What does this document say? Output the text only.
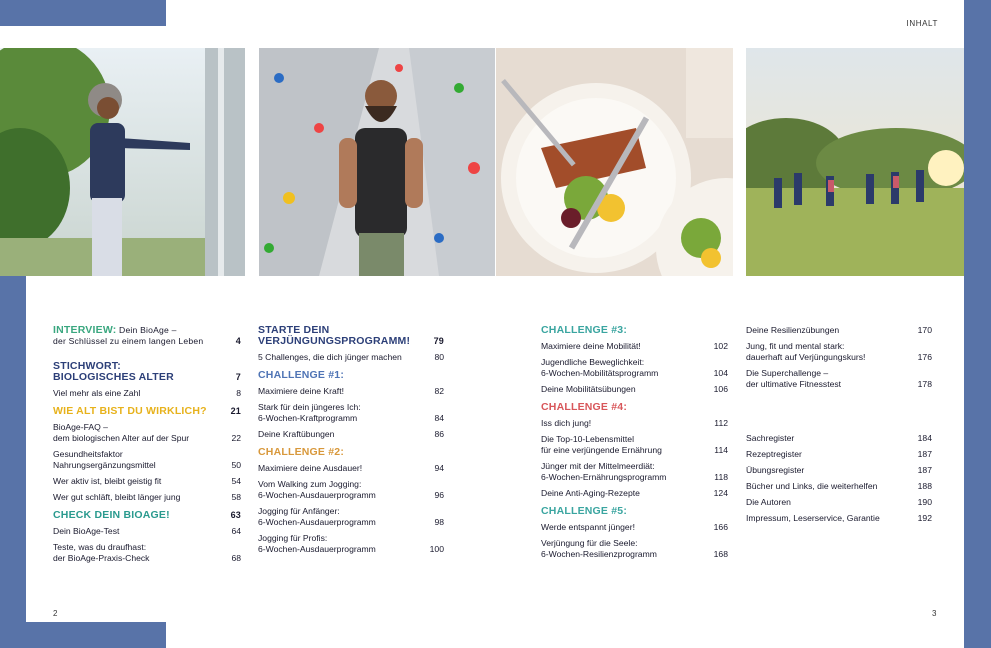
INHALT
INTERVIEW: Dein BioAge –
der Schlüssel zu einem langen Leben	4
STICHWORT:
BIOLOGISCHES ALTER	7
Viel mehr als eine Zahl	8
WIE ALT BIST DU WIRKLICH?	21
BioAge-FAQ –
dem biologischen Alter auf der Spur	22
Gesundheitsfaktor
Nahrungsergänzungsmittel	50
Wer aktiv ist, bleibt geistig fit	54
Wer gut schläft, bleibt länger jung	58
CHECK DEIN BIOAGE!	63
Dein BioAge-Test	64
Teste, was du draufhast:
der BioAge-Praxis-Check	68
STARTE DEIN
VERJÜNGUNGSPROGRAMM!	79
5 Challenges, die dich jünger machen	80
CHALLENGE #1:
Maximiere deine Kraft!	82
Stark für dein jüngeres Ich:
6-Wochen-Kraftprogramm	84
Deine Kraftübungen	86
CHALLENGE #2:
Maximiere deine Ausdauer!	94
Vom Walking zum Jogging:
6-Wochen-Ausdauerprogramm	96
Jogging für Anfänger:
6-Wochen-Ausdauerprogramm	98
Jogging für Profis:
6-Wochen-Ausdauerprogramm	100
CHALLENGE #3:
Maximiere deine Mobilität!	102
Jugendliche Beweglichkeit:
6-Wochen-Mobilitätsprogramm	104
Deine Mobilitätsübungen	106
CHALLENGE #4:
Iss dich jung!	112
Die Top-10-Lebensmittel
für eine verjüngende Ernährung	114
Jünger mit der Mittelmeerdiät:
6-Wochen-Ernährungsprogramm	118
Deine Anti-Aging-Rezepte	124
CHALLENGE #5:
Werde entspannt jünger!	166
Verjüngung für die Seele:
6-Wochen-Resilienzprogramm	168
Deine Resilienzübungen	170
Jung, fit und mental stark:
dauerhaft auf Verjüngungskurs!	176
Die Superchallenge –
der ultimative Fitnesstest	178
Sachregister	184
Rezeptregister	187
Übungsregister	187
Bücher und Links, die weiterhelfen	188
Die Autoren	190
Impressum, Leserservice, Garantie	192
2	3
